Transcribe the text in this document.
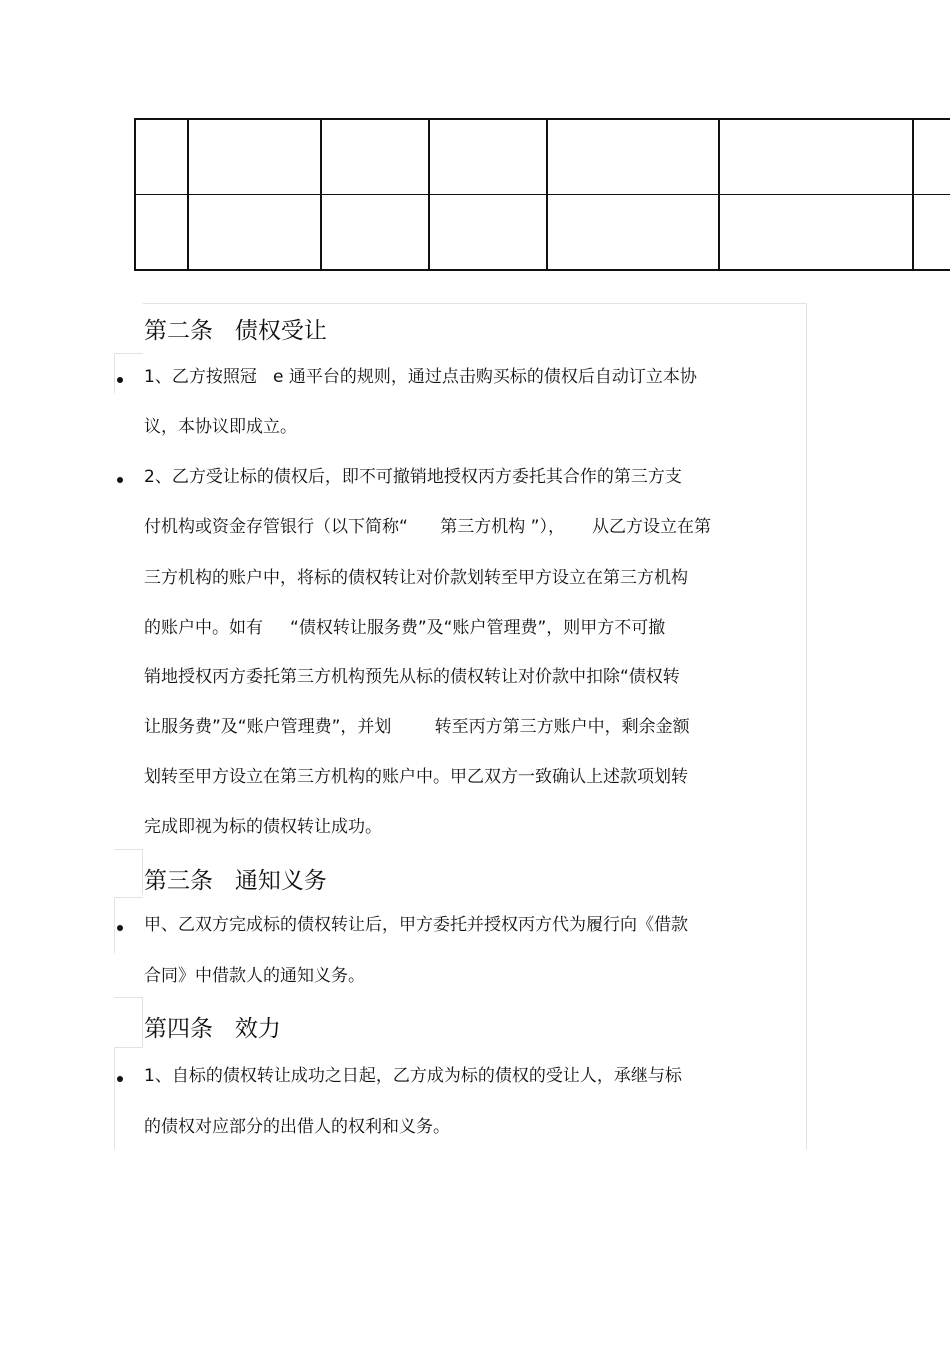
第二条   债权受让
1、乙方按照冠   e 通平台的规则，通过点击购买标的债权后自动订立本协
议，本协议即成立。
2、乙方受让标的债权后，即不可撤销地授权丙方委托其合作的第三方支
付机构或资金存管银行（以下简称“      第三方机构 ”），     从乙方设立在第
三方机构的账户中，将标的债权转让对价款划转至甲方设立在第三方机构
的账户中。如有     “债权转让服务费”及“账户管理费”，则甲方不可撤
销地授权丙方委托第三方机构预先从标的债权转让对价款中扣除“债权转
让服务费”及“账户管理费”，并划        转至丙方第三方账户中，剩余金额
划转至甲方设立在第三方机构的账户中。甲乙双方一致确认上述款项划转
完成即视为标的债权转让成功。
第三条   通知义务
甲、乙双方完成标的债权转让后，甲方委托并授权丙方代为履行向《借款
合同》中借款人的通知义务。
第四条   效力
1、自标的债权转让成功之日起，乙方成为标的债权的受让人，承继与标
的债权对应部分的出借人的权利和义务。
